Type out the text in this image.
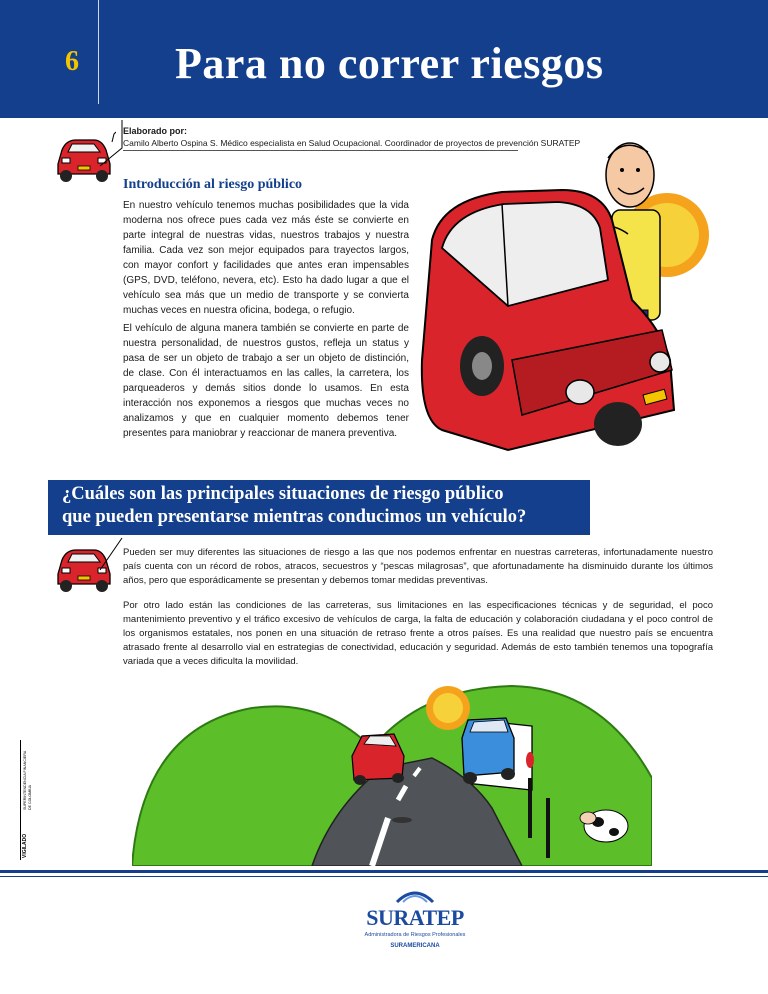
6 Para no correr riesgos
Elaborado por:
Camilo Alberto Ospina S. Médico especialista en Salud Ocupacional. Coordinador de proyectos de prevención SURATEP
Introducción al riesgo público
En nuestro vehículo tenemos muchas posibilidades que la vida moderna nos ofrece pues cada vez más éste se convierte en parte integral de nuestras vidas, nuestros trabajos y nuestra familia. Cada vez son mejor equipados para trayectos largos, con mayor confort y facilidades que antes eran impensables (GPS, DVD, teléfono, nevera, etc). Esto ha dado lugar a que el vehículo sea más que un medio de transporte y se convierta muchas veces en nuestra oficina, bodega, o refugio.
El vehículo de alguna manera también se convierte en parte de nuestra personalidad, de nuestros gustos, refleja un status y pasa de ser un objeto de trabajo a ser un objeto de distinción, de clase. Con él interactuamos en las calles, la carretera, los parqueaderos y demás sitios donde lo usamos. En esta interacción nos exponemos a riesgos que muchas veces no analizamos y que en cualquier momento debemos tener presentes para maniobrar y reaccionar de manera preventiva.
¿Cuáles son las principales situaciones de riesgo público
que pueden presentarse mientras conducimos un vehículo?
Pueden ser muy diferentes las situaciones de riesgo a las que nos podemos enfrentar en nuestras carreteras, infortunadamente nuestro país cuenta con un récord de robos, atracos, secuestros y “pescas milagrosas”, que afortunadamente ha disminuido durante los últimos años, pero que esporádicamente se presentan y debemos tomar medidas preventivas.
Por otro lado están las condiciones de las carreteras, sus limitaciones en las especificaciones técnicas y de seguridad, el poco mantenimiento preventivo y el tráfico excesivo de vehículos de carga, la falta de educación y colaboración ciudadana y el poco control de los organismos estatales, nos ponen en una situación de retraso frente a otros países. Es una realidad que nuestro país se encuentra atrasado frente al desarrollo vial en estrategias de conectividad, educación y seguridad. Además de esto también tenemos una topografía variada que a veces dificulta la movilidad.
VIGILADO
SUPERINTENDENCIA FINANCIERA DE COLOMBIA
SURATEP
Administradora de Riesgos Profesionales
SURAMERICANA
